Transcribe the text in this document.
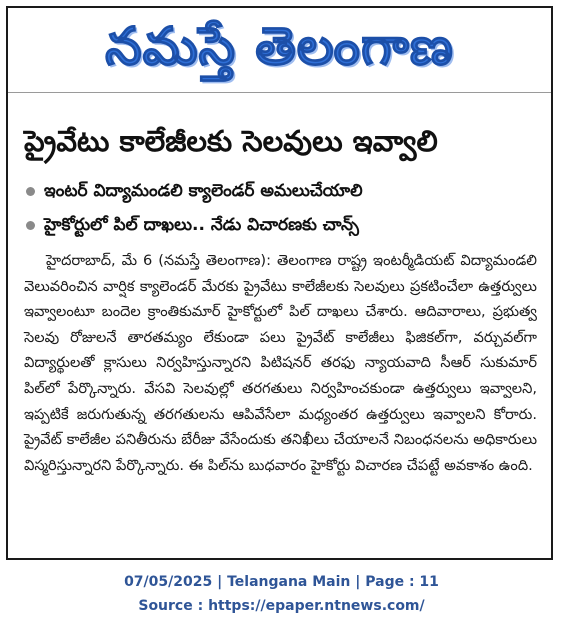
నమస్తే తెలంగాణ
ప్రైవేటు కాలేజీలకు సెలవులు ఇవ్వాలి
ఇంటర్ విద్యామండలి క్యాలెండర్ అమలుచేయాలి
హైకోర్టులో పిల్ దాఖలు.. నేడు విచారణకు చాన్స్
హైదరాబాద్, మే 6 (నమస్తే తెలంగాణ): తెలంగాణ రాష్ట్ర ఇంటర్మీడియట్ విద్యామండలి వెలువరించిన వార్షిక క్యాలెండర్ మేరకు ప్రైవేటు కాలేజీలకు సెలవులు ప్రకటించేలా ఉత్తర్వులు ఇవ్వాలంటూ బందెల క్రాంతికుమార్ హైకోర్టులో పిల్ దాఖలు చేశారు. ఆదివారాలు, ప్రభుత్వ సెలవు రోజులనే తారతమ్యం లేకుండా పలు ప్రైవేట్ కాలేజీలు ఫిజికల్‌గా, వర్చువల్‌గా విద్యార్థులతో క్లాసులు నిర్వహిస్తున్నారని పిటిషనర్ తరఫు న్యాయవాది సీఆర్ సుకుమార్ పిల్‌లో పేర్కొన్నారు. వేసవి సెలవుల్లో తరగతులు నిర్వహించకుండా ఉత్తర్వులు ఇవ్వాలని, ఇప్పటికే జరుగుతున్న తరగతులను ఆపివేసేలా మధ్యంతర ఉత్తర్వులు ఇవ్వాలని కోరారు. ప్రైవేట్ కాలేజీల పనితీరును బేరీజు వేసేందుకు తనిఖీలు చేయాలనే నిబంధనలను అధికారులు విస్మరిస్తున్నారని పేర్కొన్నారు. ఈ పిల్‌ను బుధవారం హైకోర్టు విచారణ చేపట్టే అవకాశం ఉంది.
07/05/2025 | Telangana Main | Page : 11
Source : https://epaper.ntnews.com/
